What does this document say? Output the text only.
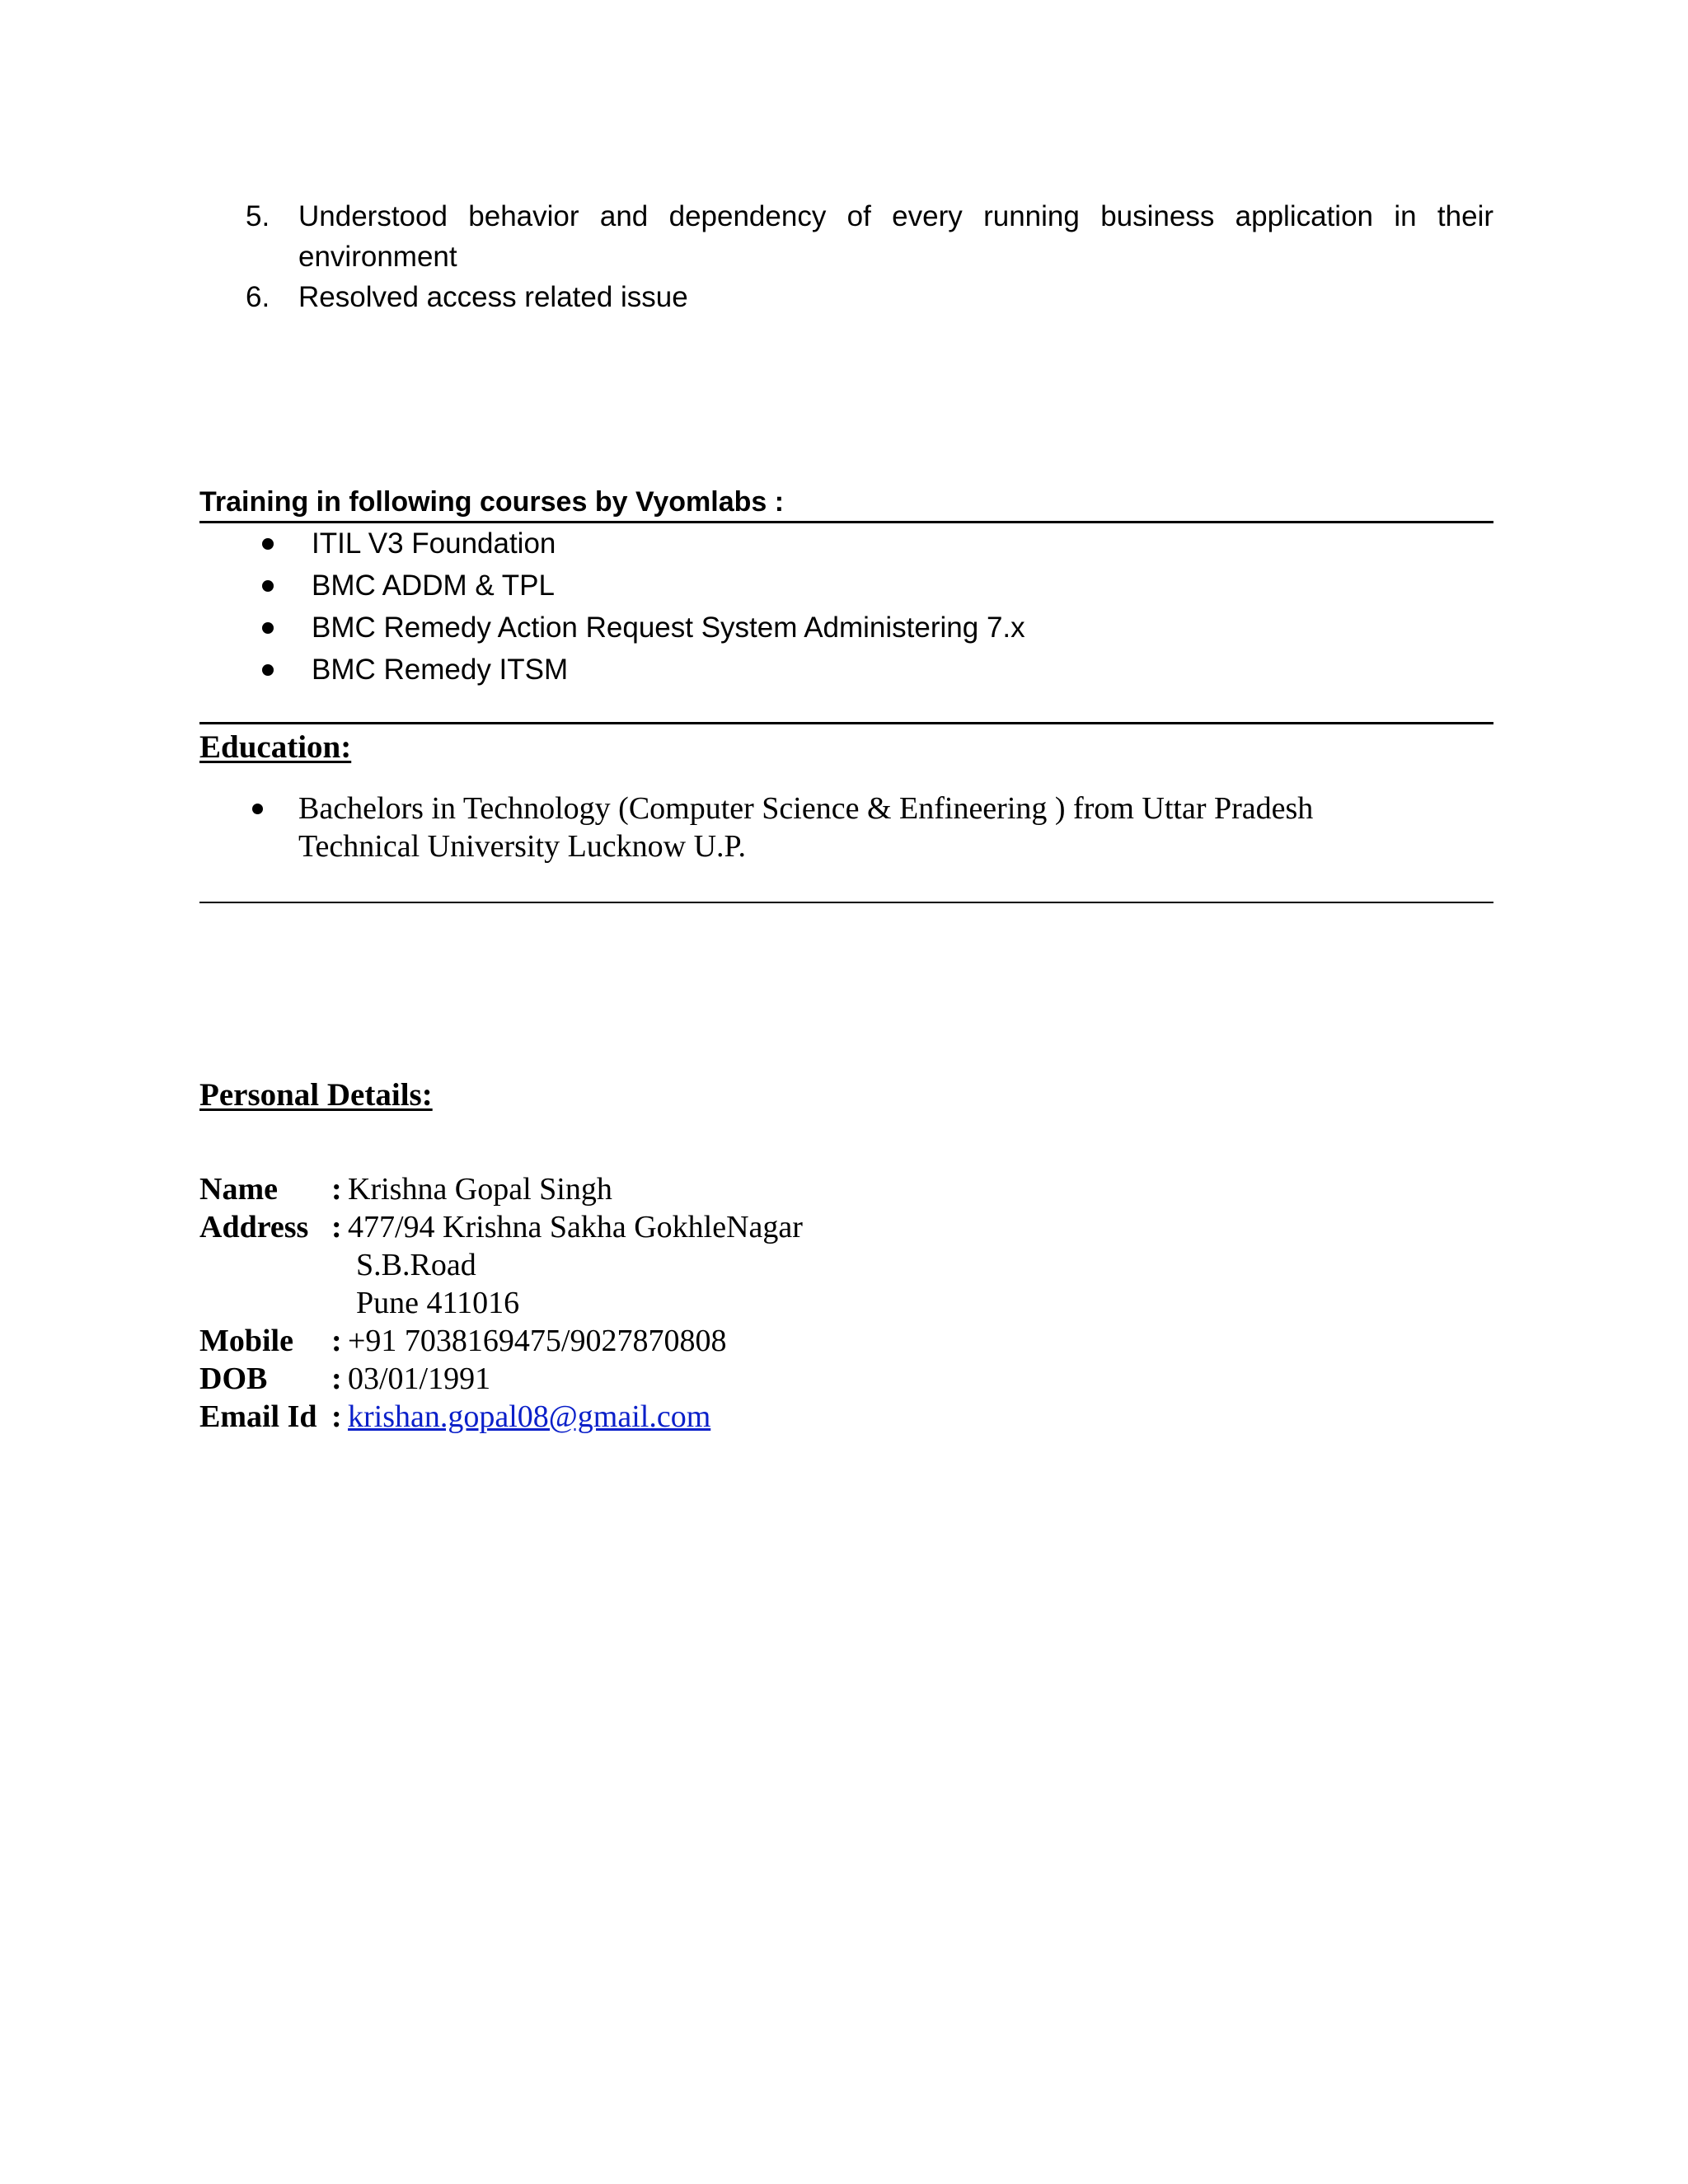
5. Understood behavior and dependency of every running business application in their
environment
6. Resolved access related issue
Training in following courses by Vyomlabs :
ITIL V3 Foundation
BMC ADDM & TPL
BMC Remedy Action Request System Administering 7.x
BMC Remedy ITSM
Education:
Bachelors in Technology (Computer Science & Enfineering ) from Uttar Pradesh
Technical University Lucknow U.P.
Personal Details:
Name : Krishna Gopal Singh
Address : 477/94 Krishna Sakha GokhleNagar
S.B.Road
Pune 411016
Mobile : +91 7038169475/9027870808
DOB : 03/01/1991
Email Id : krishan.gopal08@gmail.com
